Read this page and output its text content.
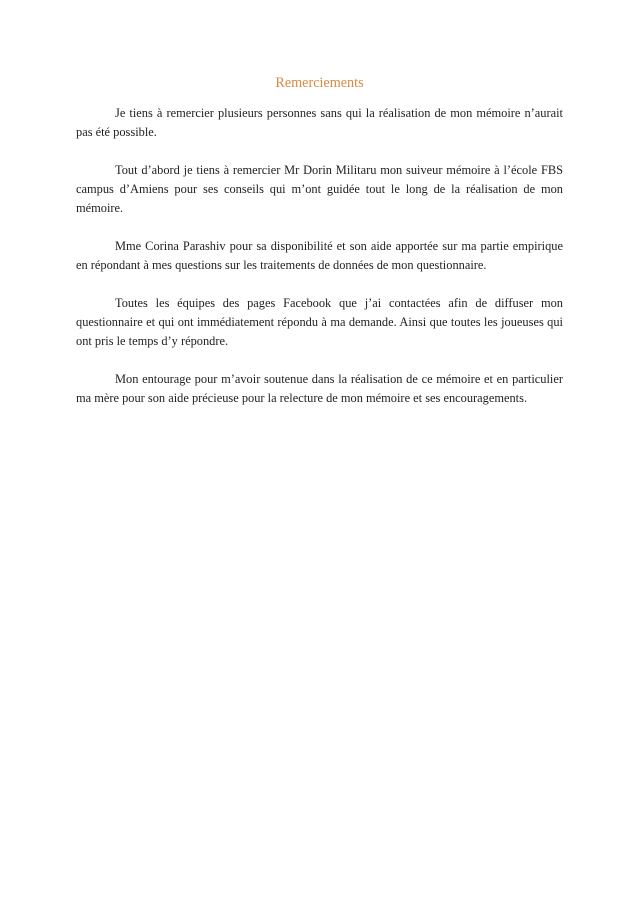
Remerciements

Je tiens à remercier plusieurs personnes sans qui la réalisation de mon mémoire n’aurait pas été possible.

Tout d’abord je tiens à remercier Mr Dorin Militaru mon suiveur mémoire à l’école FBS campus d’Amiens pour ses conseils qui m’ont guidée tout le long de la réalisation de mon mémoire.

Mme Corina Parashiv pour sa disponibilité et son aide apportée sur ma partie empirique en répondant à mes questions sur les traitements de données de mon questionnaire.

Toutes les équipes des pages Facebook que j’ai contactées afin de diffuser mon questionnaire et qui ont immédiatement répondu à ma demande. Ainsi que toutes les joueuses qui ont pris le temps d’y répondre.

Mon entourage pour m’avoir soutenue dans la réalisation de ce mémoire et en particulier ma mère pour son aide précieuse pour la relecture de mon mémoire et ses encouragements.
